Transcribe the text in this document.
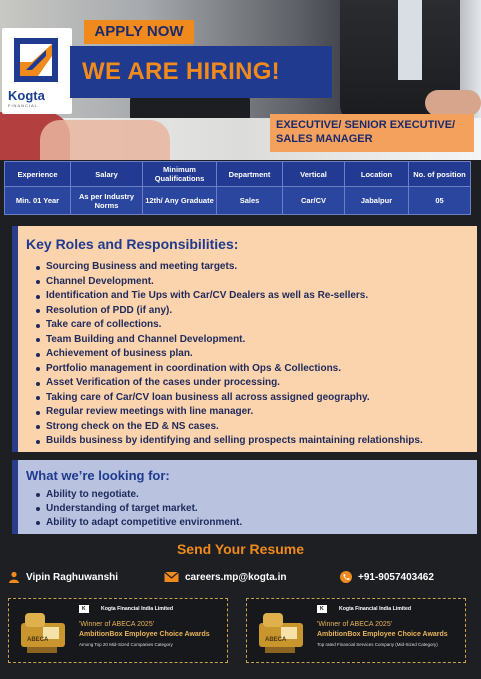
Kogta
FINANCIAL
APPLY NOW
WE ARE HIRING!
EXECUTIVE/ SENIOR EXECUTIVE/ SALES MANAGER
Experience	Salary	Minimum Qualifications	Department	Vertical	Location	No. of position
Min. 01 Year	As per Industry Norms	12th/ Any Graduate	Sales	Car/CV	Jabalpur	05
Key Roles and Responsibilities:
Sourcing Business and meeting targets.
Channel Development.
Identification and Tie Ups with Car/CV Dealers as well as Re-sellers.
Resolution of PDD (if any).
Take care of collections.
Team Building and Channel Development.
Achievement of business plan.
Portfolio management in coordination with Ops & Collections.
Asset Verification of the cases under processing.
Taking care of Car/CV loan business all across assigned geography.
Regular review meetings with line manager.
Strong check on the ED & NS cases.
Builds business by identifying and selling prospects maintaining relationships.
What we’re looking for:
Ability to negotiate.
Understanding of target market.
Ability to adapt competitive environment.
Send Your Resume
Vipin Raghuwanshi	careers.mp@kogta.in	+91-9057403462
ABECA
K	Kogta Financial India Limited
'Winner of ABECA 2025'
AmbitionBox Employee Choice Awards
Among Top 20 Mid-Sized Companies Category
ABECA
K	Kogta Financial India Limited
'Winner of ABECA 2025'
AmbitionBox Employee Choice Awards
Top rated Financial Services Company (Mid-Sized Category)
